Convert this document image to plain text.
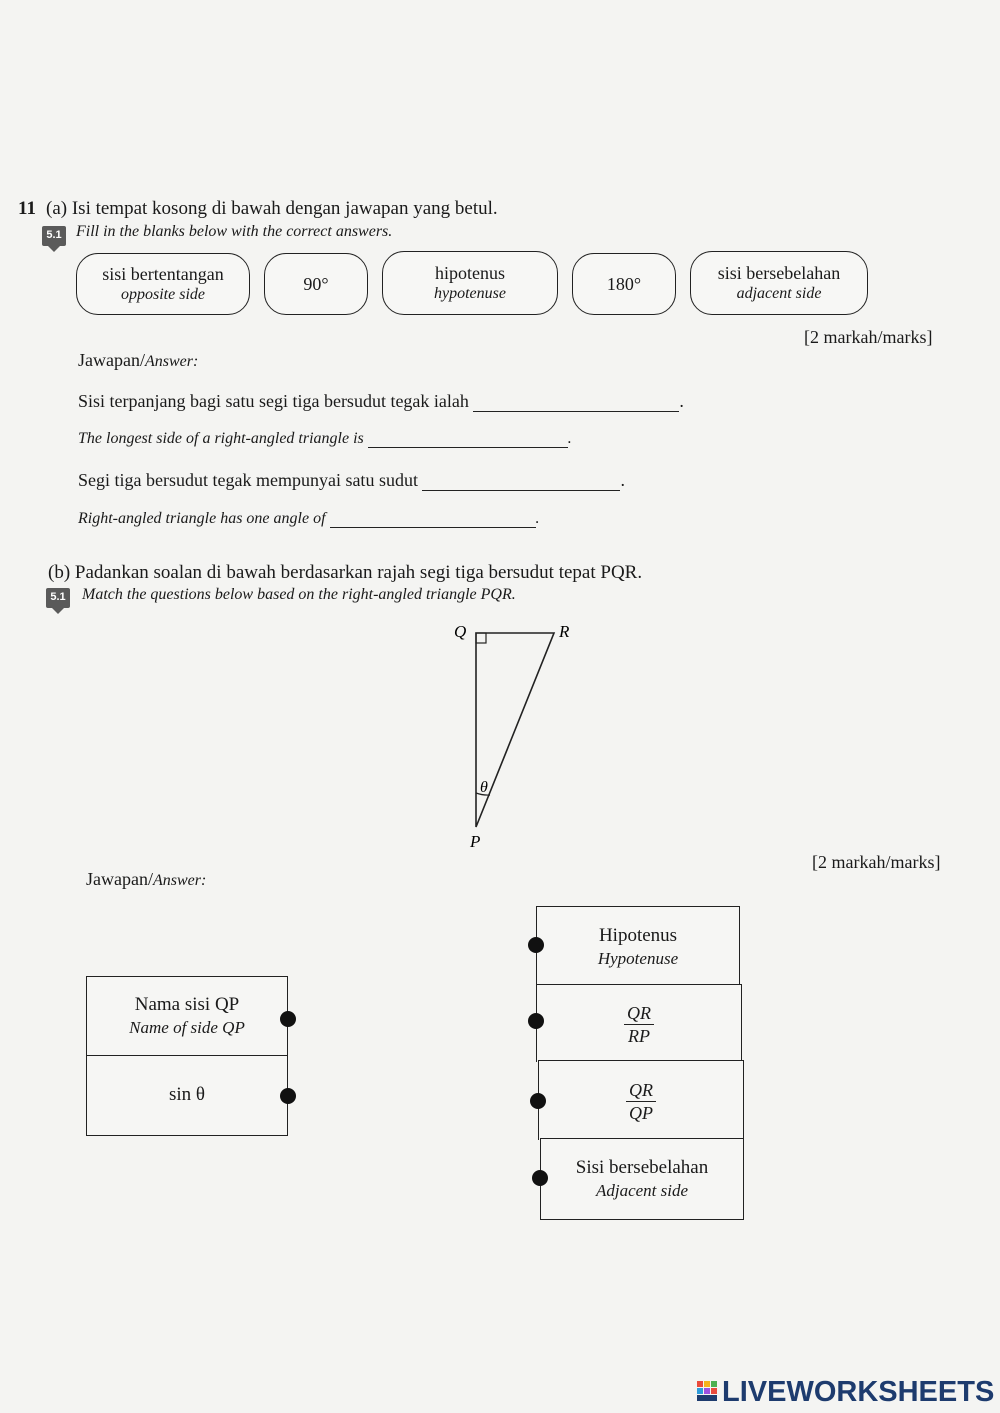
11 (a) Isi tempat kosong di bawah dengan jawapan yang betul.
5.1 Fill in the blanks below with the correct answers.
sisi bertentangan
opposite side
90°
hipotenus
hypotenuse	180°
sisi bersebelahan
adjacent side
[2 markah/marks]
Jawapan/Answer:
Sisi terpanjang bagi satu segi tiga bersudut tegak ialah	.
The longest side of a right-angled triangle is	.
Segi tiga bersudut tegak mempunyai satu sudut	.
Right-angled triangle has one angle of	.
(b) Padankan soalan di bawah berdasarkan rajah segi tiga bersudut tepat PQR.
5.1 Match the questions below based on the right-angled triangle PQR.
Q	R
P
θ
[2 markah/marks]
Jawapan/Answer:
Nama sisi QP
Name of side QP
sin θ
Hipotenus
Hypotenuse
$\frac{QR}{RP}$
$\frac{QR}{QP}$
Sisi bersebelahan
Adjacent side
LIVEWORKSHEETS
